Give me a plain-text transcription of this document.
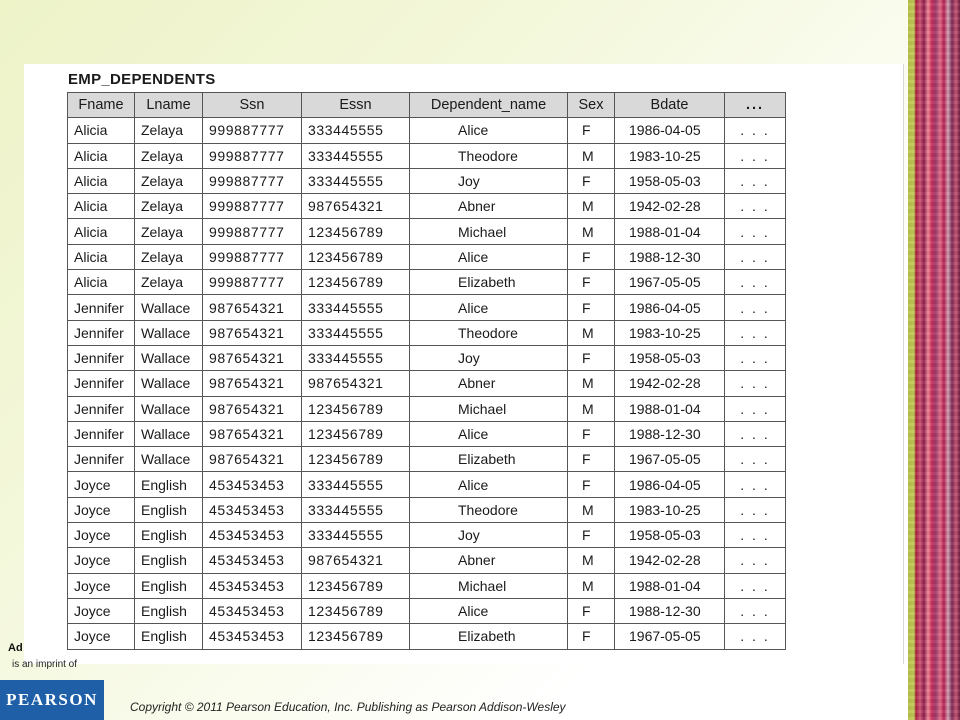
EMP_DEPENDENTS
Fname	Lname	Ssn	Essn	Dependent_name	Sex	Bdate	...
Alicia	Zelaya	999887777	333445555	Alice	F	1986-04-05	. . .
Alicia	Zelaya	999887777	333445555	Theodore	M	1983-10-25	. . .
Alicia	Zelaya	999887777	333445555	Joy	F	1958-05-03	. . .
Alicia	Zelaya	999887777	987654321	Abner	M	1942-02-28	. . .
Alicia	Zelaya	999887777	123456789	Michael	M	1988-01-04	. . .
Alicia	Zelaya	999887777	123456789	Alice	F	1988-12-30	. . .
Alicia	Zelaya	999887777	123456789	Elizabeth	F	1967-05-05	. . .
Jennifer	Wallace	987654321	333445555	Alice	F	1986-04-05	. . .
Jennifer	Wallace	987654321	333445555	Theodore	M	1983-10-25	. . .
Jennifer	Wallace	987654321	333445555	Joy	F	1958-05-03	. . .
Jennifer	Wallace	987654321	987654321	Abner	M	1942-02-28	. . .
Jennifer	Wallace	987654321	123456789	Michael	M	1988-01-04	. . .
Jennifer	Wallace	987654321	123456789	Alice	F	1988-12-30	. . .
Jennifer	Wallace	987654321	123456789	Elizabeth	F	1967-05-05	. . .
Joyce	English	453453453	333445555	Alice	F	1986-04-05	. . .
Joyce	English	453453453	333445555	Theodore	M	1983-10-25	. . .
Joyce	English	453453453	333445555	Joy	F	1958-05-03	. . .
Joyce	English	453453453	987654321	Abner	M	1942-02-28	. . .
Joyce	English	453453453	123456789	Michael	M	1988-01-04	. . .
Joyce	English	453453453	123456789	Alice	F	1988-12-30	. . .
Joyce	English	453453453	123456789	Elizabeth	F	1967-05-05	. . .
Ad
is an imprint of
PEARSON	Copyright © 2011 Pearson Education, Inc. Publishing as Pearson Addison-Wesley
